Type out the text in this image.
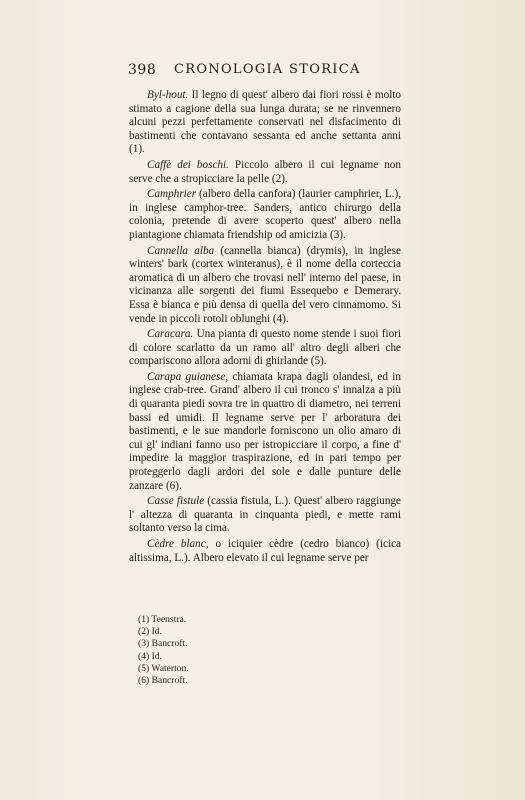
398 CRONOLOGIA STORICA

Byl-hout. Il legno di quest' albero dai fiori rossi è molto stimato a cagione della sua lunga durata; se ne rinvennero alcuni pezzi perfettamente conservati nel disfacimento di bastimenti che contavano sessanta ed anche settanta anni (1).

Caffè dei boschi. Piccolo albero il cui legname non serve che a stropicciare la pelle (2).

Camphrier (albero della canfora) (laurier camphrier, L.), in inglese camphor-tree. Sanders, antico chirurgo della colonia, pretende di avere scoperto quest' albero nella piantagione chiamata friendship od amicizia (3).

Cannella alba (cannella bianca) (drymis), in inglese winters' bark (cortex winteranus), è il nome della corteccia aromatica di un albero che trovasi nell' interno del paese, in vicinanza alle sorgenti dei fiumi Essequebo e Demerary. Essa è bianca e più densa di quella del vero cinnamomo. Si vende in piccoli rotoli oblunghi (4).

Caracara. Una pianta di questo nome stende i suoi fiori di colore scarlatto da un ramo all' altro degli alberi che compariscono allora adorni di ghirlande (5).

Carapa guianese, chiamata krapa dagli olandesi, ed in inglese crab-tree. Grand' albero il cui tronco s' innalza a più di quaranta piedi sovra tre in quattro di diametro, nei terreni bassi ed umidi. Il legname serve per l' arboratura dei bastimenti, e le sue mandorle forniscono un olio amaro di cui gl' indiani fanno uso per istropicciare il corpo, a fine d' impedire la maggior traspirazione, ed in pari tempo per proteggerlo dagli ardori del sole e dalle punture delle zanzare (6).

Casse fistule (cassia fistula, L.). Quest' albero raggiunge l' altezza di quaranta in cinquanta piedi, e mette rami soltanto verso la cima.

Cèdre blanc, o iciquier cèdre (cedro bianco) (icica altissima, L.). Albero elevato il cui legname serve per

(1) Teenstra.

(2) Id.

(3) Bancroft.

(4) Id.

(5) Waterton.

(6) Bancroft.
